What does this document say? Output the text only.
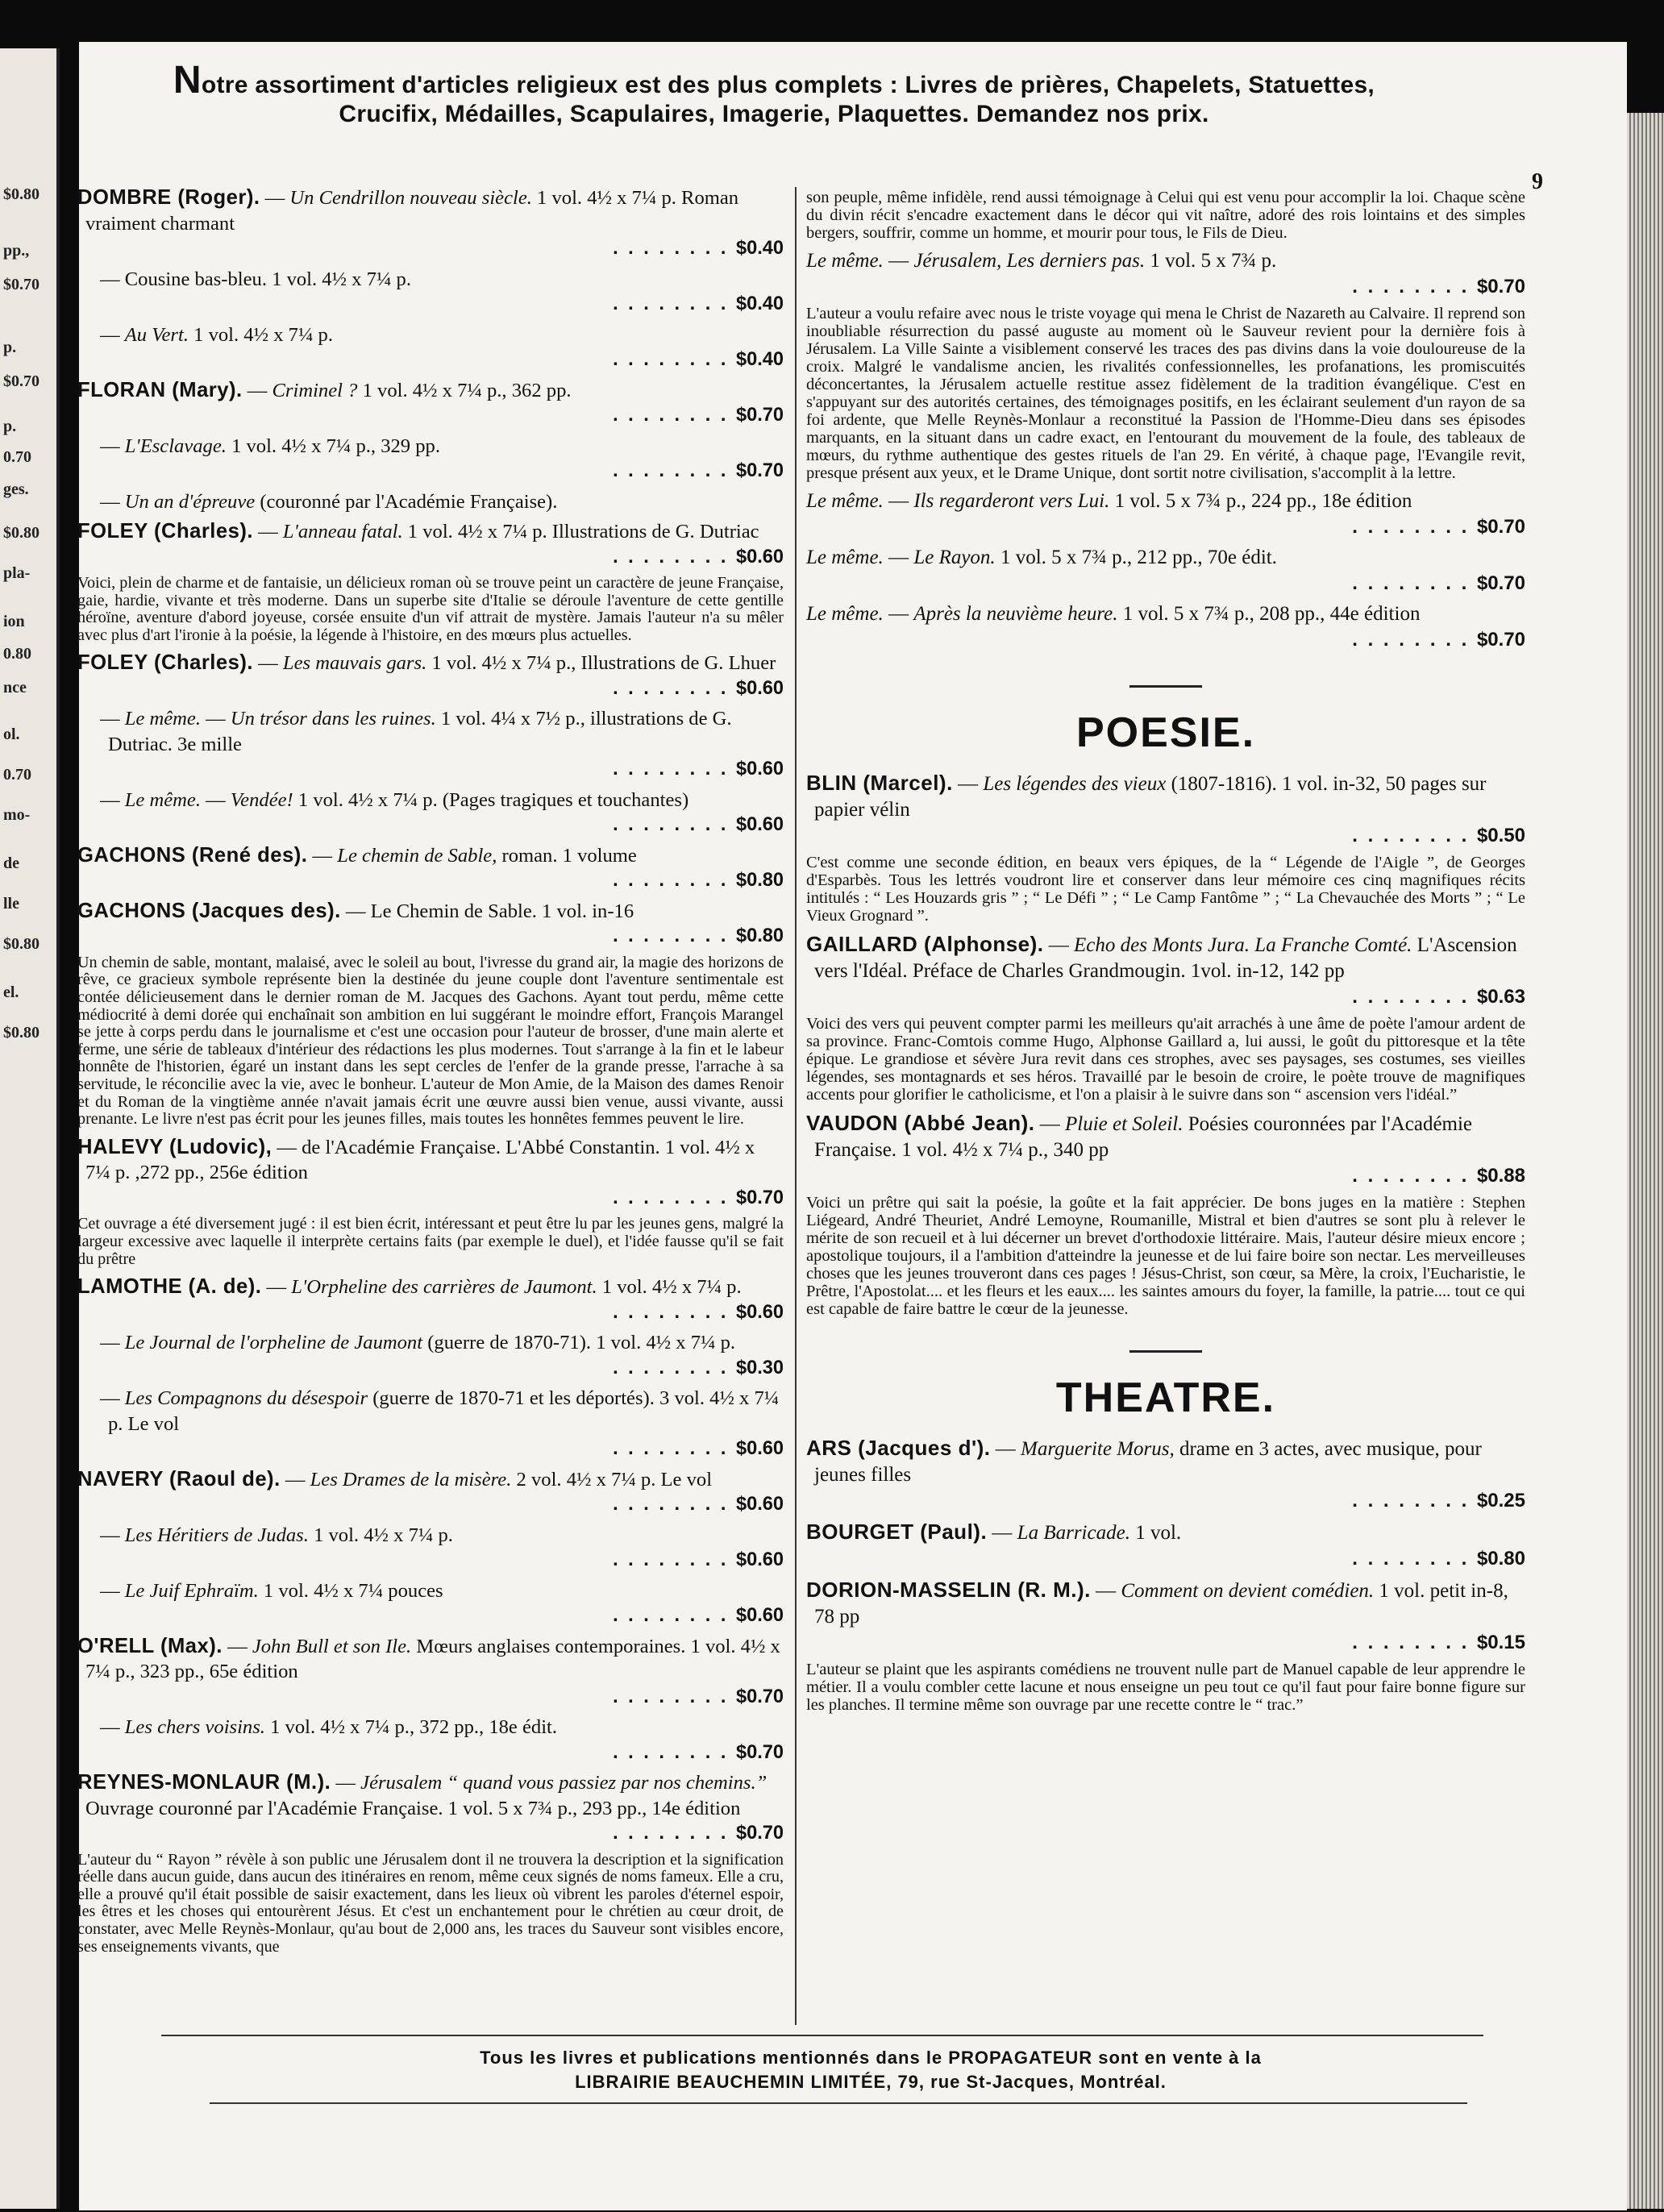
$0.80
pp.,
$0.70
p.
$0.70
p.
0.70
ges.
$0.80
pla-
ion
0.80
nce
ol.
0.70
mo-
de
lle
$0.80
el.
$0.80
Notre assortiment d'articles religieux est des plus complets : Livres de prières, Chapelets, Statuettes,
Crucifix, Médailles, Scapulaires, Imagerie, Plaquettes. Demandez nos prix.
9
DOMBRE (Roger). — Un Cendrillon nouveau siècle. 1 vol. 4½ x 7¼ p. Roman vraiment charmant
. . . . . . . . $0.40
— Cousine bas-bleu. 1 vol. 4½ x 7¼ p.
. . . . . . . . $0.40
— Au Vert. 1 vol. 4½ x 7¼ p.
. . . . . . . . $0.40
FLORAN (Mary). — Criminel ? 1 vol. 4½ x 7¼ p., 362 pp.
. . . . . . . . $0.70
— L'Esclavage. 1 vol. 4½ x 7¼ p., 329 pp.
. . . . . . . . $0.70
— Un an d'épreuve (couronné par l'Académie Française).
FOLEY (Charles). — L'anneau fatal. 1 vol. 4½ x 7¼ p. Illustrations de G. Dutriac
. . . . . . . . $0.60
Voici, plein de charme et de fantaisie, un délicieux roman où se trouve peint un caractère de jeune Française, gaie, hardie, vivante et très moderne. Dans un superbe site d'Italie se déroule l'aventure de cette gentille héroïne, aventure d'abord joyeuse, corsée ensuite d'un vif attrait de mystère. Jamais l'auteur n'a su mêler avec plus d'art l'ironie à la poésie, la légende à l'histoire, en des mœurs plus actuelles.
FOLEY (Charles). — Les mauvais gars. 1 vol. 4½ x 7¼ p., Illustrations de G. Lhuer
. . . . . . . . $0.60
— Le même. — Un trésor dans les ruines. 1 vol. 4¼ x 7½ p., illustrations de G. Dutriac. 3e mille
. . . . . . . . $0.60
— Le même. — Vendée! 1 vol. 4½ x 7¼ p. (Pages tragiques et touchantes)
. . . . . . . . $0.60
GACHONS (René des). — Le chemin de Sable, roman. 1 volume
. . . . . . . . $0.80
GACHONS (Jacques des). — Le Chemin de Sable. 1 vol. in-16
. . . . . . . . $0.80
Un chemin de sable, montant, malaisé, avec le soleil au bout, l'ivresse du grand air, la magie des horizons de rêve, ce gracieux symbole représente bien la destinée du jeune couple dont l'aventure sentimentale est contée délicieusement dans le dernier roman de M. Jacques des Gachons. Ayant tout perdu, même cette médiocrité à demi dorée qui enchaînait son ambition en lui suggérant le moindre effort, François Marangel se jette à corps perdu dans le journalisme et c'est une occasion pour l'auteur de brosser, d'une main alerte et ferme, une série de tableaux d'intérieur des rédactions les plus modernes. Tout s'arrange à la fin et le labeur honnête de l'historien, égaré un instant dans les sept cercles de l'enfer de la grande presse, l'arrache à sa servitude, le réconcilie avec la vie, avec le bonheur. L'auteur de Mon Amie, de la Maison des dames Renoir et du Roman de la vingtième année n'avait jamais écrit une œuvre aussi bien venue, aussi vivante, aussi prenante. Le livre n'est pas écrit pour les jeunes filles, mais toutes les honnêtes femmes peuvent le lire.
HALEVY (Ludovic), — de l'Académie Française. L'Abbé Constantin. 1 vol. 4½ x 7¼ p. ,272 pp., 256e édition
. . . . . . . . $0.70
Cet ouvrage a été diversement jugé : il est bien écrit, intéressant et peut être lu par les jeunes gens, malgré la largeur excessive avec laquelle il interprète certains faits (par exemple le duel), et l'idée fausse qu'il se fait du prêtre
LAMOTHE (A. de). — L'Orpheline des carrières de Jaumont. 1 vol. 4½ x 7¼ p.
. . . . . . . . $0.60
— Le Journal de l'orpheline de Jaumont (guerre de 1870-71). 1 vol. 4½ x 7¼ p.
. . . . . . . . $0.30
— Les Compagnons du désespoir (guerre de 1870-71 et les déportés). 3 vol. 4½ x 7¼ p. Le vol
. . . . . . . . $0.60
NAVERY (Raoul de). — Les Drames de la misère. 2 vol. 4½ x 7¼ p. Le vol
. . . . . . . . $0.60
— Les Héritiers de Judas. 1 vol. 4½ x 7¼ p.
. . . . . . . . $0.60
— Le Juif Ephraïm. 1 vol. 4½ x 7¼ pouces
. . . . . . . . $0.60
O'RELL (Max). — John Bull et son Ile. Mœurs anglaises contemporaines. 1 vol. 4½ x 7¼ p., 323 pp., 65e édition
. . . . . . . . $0.70
— Les chers voisins. 1 vol. 4½ x 7¼ p., 372 pp., 18e édit.
. . . . . . . . $0.70
REYNES-MONLAUR (M.). — Jérusalem “ quand vous passiez par nos chemins.” Ouvrage couronné par l'Académie Française. 1 vol. 5 x 7¾ p., 293 pp., 14e édition
. . . . . . . . $0.70
L'auteur du “ Rayon ” révèle à son public une Jérusalem dont il ne trouvera la description et la signification réelle dans aucun guide, dans aucun des itinéraires en renom, même ceux signés de noms fameux. Elle a cru, elle a prouvé qu'il était possible de saisir exactement, dans les lieux où vibrent les paroles d'éternel espoir, les êtres et les choses qui entourèrent Jésus. Et c'est un enchantement pour le chrétien au cœur droit, de constater, avec Melle Reynès-Monlaur, qu'au bout de 2,000 ans, les traces du Sauveur sont visibles encore, ses enseignements vivants, que
son peuple, même infidèle, rend aussi témoignage à Celui qui est venu pour accomplir la loi. Chaque scène du divin récit s'encadre exactement dans le décor qui vit naître, adoré des rois lointains et des simples bergers, souffrir, comme un homme, et mourir pour tous, le Fils de Dieu.
Le même. — Jérusalem, Les derniers pas. 1 vol. 5 x 7¾ p.
. . . . . . . . $0.70
L'auteur a voulu refaire avec nous le triste voyage qui mena le Christ de Nazareth au Calvaire. Il reprend son inoubliable résurrection du passé auguste au moment où le Sauveur revient pour la dernière fois à Jérusalem. La Ville Sainte a visiblement conservé les traces des pas divins dans la voie douloureuse de la croix. Malgré le vandalisme ancien, les rivalités confessionnelles, les profanations, les promiscuités déconcertantes, la Jérusalem actuelle restitue assez fidèlement de la tradition évangélique. C'est en s'appuyant sur des autorités certaines, des témoignages positifs, en les éclairant seulement d'un rayon de sa foi ardente, que Melle Reynès-Monlaur a reconstitué la Passion de l'Homme-Dieu dans ses épisodes marquants, en la situant dans un cadre exact, en l'entourant du mouvement de la foule, des tableaux de mœurs, du rythme authentique des gestes rituels de l'an 29. En vérité, à chaque page, l'Evangile revit, presque présent aux yeux, et le Drame Unique, dont sortit notre civilisation, s'accomplit à la lettre.
Le même. — Ils regarderont vers Lui. 1 vol. 5 x 7¾ p., 224 pp., 18e édition
. . . . . . . . $0.70
Le même. — Le Rayon. 1 vol. 5 x 7¾ p., 212 pp., 70e édit.
. . . . . . . . $0.70
Le même. — Après la neuvième heure. 1 vol. 5 x 7¾ p., 208 pp., 44e édition
. . . . . . . . $0.70
POESIE.
BLIN (Marcel). — Les légendes des vieux (1807-1816). 1 vol. in-32, 50 pages sur papier vélin
. . . . . . . . $0.50
C'est comme une seconde édition, en beaux vers épiques, de la “ Légende de l'Aigle ”, de Georges d'Esparbès. Tous les lettrés voudront lire et conserver dans leur mémoire ces cinq magnifiques récits intitulés : “ Les Houzards gris ” ; “ Le Défi ” ; “ Le Camp Fantôme ” ; “ La Chevauchée des Morts ” ; “ Le Vieux Grognard ”.
GAILLARD (Alphonse). — Echo des Monts Jura. La Franche Comté. L'Ascension vers l'Idéal. Préface de Charles Grandmougin. 1vol. in-12, 142 pp
. . . . . . . . $0.63
Voici des vers qui peuvent compter parmi les meilleurs qu'ait arrachés à une âme de poète l'amour ardent de sa province. Franc-Comtois comme Hugo, Alphonse Gaillard a, lui aussi, le goût du pittoresque et la tête épique. Le grandiose et sévère Jura revit dans ces strophes, avec ses paysages, ses costumes, ses vieilles légendes, ses montagnards et ses héros. Travaillé par le besoin de croire, le poète trouve de magnifiques accents pour glorifier le catholicisme, et l'on a plaisir à le suivre dans son “ ascension vers l'idéal.”
VAUDON (Abbé Jean). — Pluie et Soleil. Poésies couronnées par l'Académie Française. 1 vol. 4½ x 7¼ p., 340 pp
. . . . . . . . $0.88
Voici un prêtre qui sait la poésie, la goûte et la fait apprécier. De bons juges en la matière : Stephen Liégeard, André Theuriet, André Lemoyne, Roumanille, Mistral et bien d'autres se sont plu à relever le mérite de son recueil et à lui décerner un brevet d'orthodoxie littéraire. Mais, l'auteur désire mieux encore ; apostolique toujours, il a l'ambition d'atteindre la jeunesse et de lui faire boire son nectar. Les merveilleuses choses que les jeunes trouveront dans ces pages ! Jésus-Christ, son cœur, sa Mère, la croix, l'Eucharistie, le Prêtre, l'Apostolat.... et les fleurs et les eaux.... les saintes amours du foyer, la famille, la patrie.... tout ce qui est capable de faire battre le cœur de la jeunesse.
THEATRE.
ARS (Jacques d'). — Marguerite Morus, drame en 3 actes, avec musique, pour jeunes filles
. . . . . . . . $0.25
BOURGET (Paul). — La Barricade. 1 vol.
. . . . . . . . $0.80
DORION-MASSELIN (R. M.). — Comment on devient comédien. 1 vol. petit in-8, 78 pp
. . . . . . . . $0.15
L'auteur se plaint que les aspirants comédiens ne trouvent nulle part de Manuel capable de leur apprendre le métier. Il a voulu combler cette lacune et nous enseigne un peu tout ce qu'il faut pour faire bonne figure sur les planches. Il termine même son ouvrage par une recette contre le “ trac.”
Tous les livres et publications mentionnés dans le PROPAGATEUR sont en vente à la
LIBRAIRIE BEAUCHEMIN LIMITÉE, 79, rue St-Jacques, Montréal.
